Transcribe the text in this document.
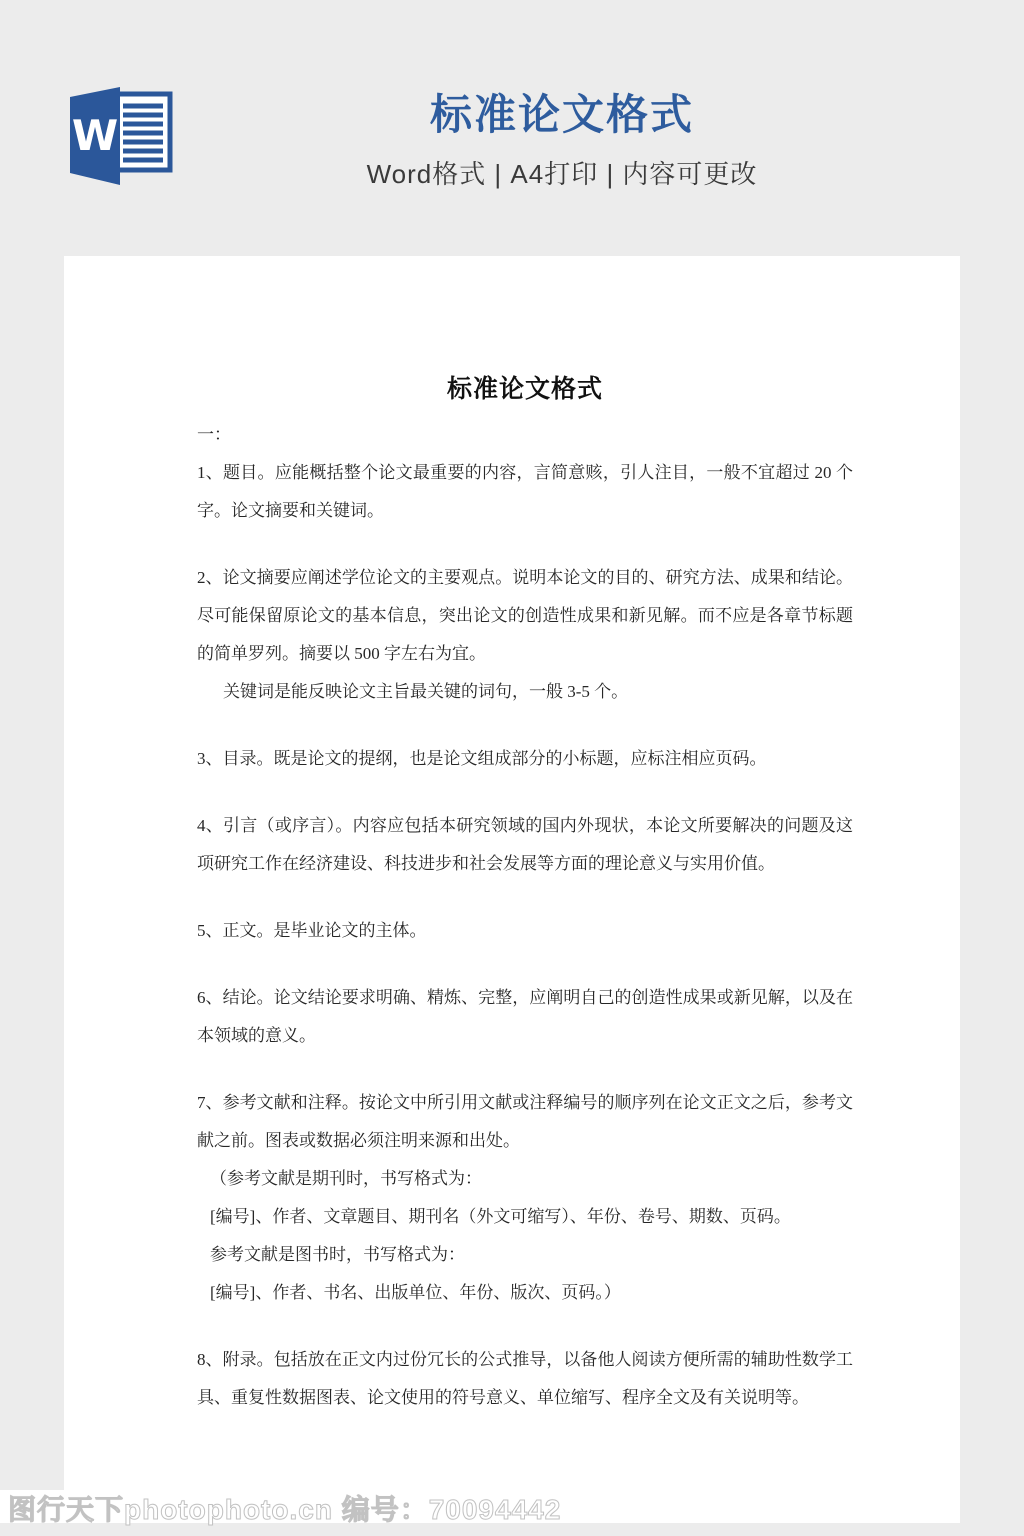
W	标准论文格式
Word格式 | A4打印 | 内容可更改
标准论文格式

一：

1、题目。应能概括整个论文最重要的内容，言简意赅，引人注目，一般不宜超过 20 个字。论文摘要和关键词。

2、论文摘要应阐述学位论文的主要观点。说明本论文的目的、研究方法、成果和结论。尽可能保留原论文的基本信息，突出论文的创造性成果和新见解。而不应是各章节标题的简单罗列。摘要以 500 字左右为宜。

关键词是能反映论文主旨最关键的词句，一般 3-5 个。

3、目录。既是论文的提纲，也是论文组成部分的小标题，应标注相应页码。

4、引言（或序言）。内容应包括本研究领域的国内外现状，本论文所要解决的问题及这项研究工作在经济建设、科技进步和社会发展等方面的理论意义与实用价值。

5、正文。是毕业论文的主体。

6、结论。论文结论要求明确、精炼、完整，应阐明自己的创造性成果或新见解，以及在本领域的意义。

7、参考文献和注释。按论文中所引用文献或注释编号的顺序列在论文正文之后，参考文献之前。图表或数据必须注明来源和出处。

（参考文献是期刊时，书写格式为：

[编号]、作者、文章题目、期刊名（外文可缩写）、年份、卷号、期数、页码。

参考文献是图书时，书写格式为：

[编号]、作者、书名、出版单位、年份、版次、页码。）

8、附录。包括放在正文内过份冗长的公式推导，以备他人阅读方便所需的辅助性数学工具、重复性数据图表、论文使用的符号意义、单位缩写、程序全文及有关说明等。

图行天下photophoto.cn 编号：70094442
